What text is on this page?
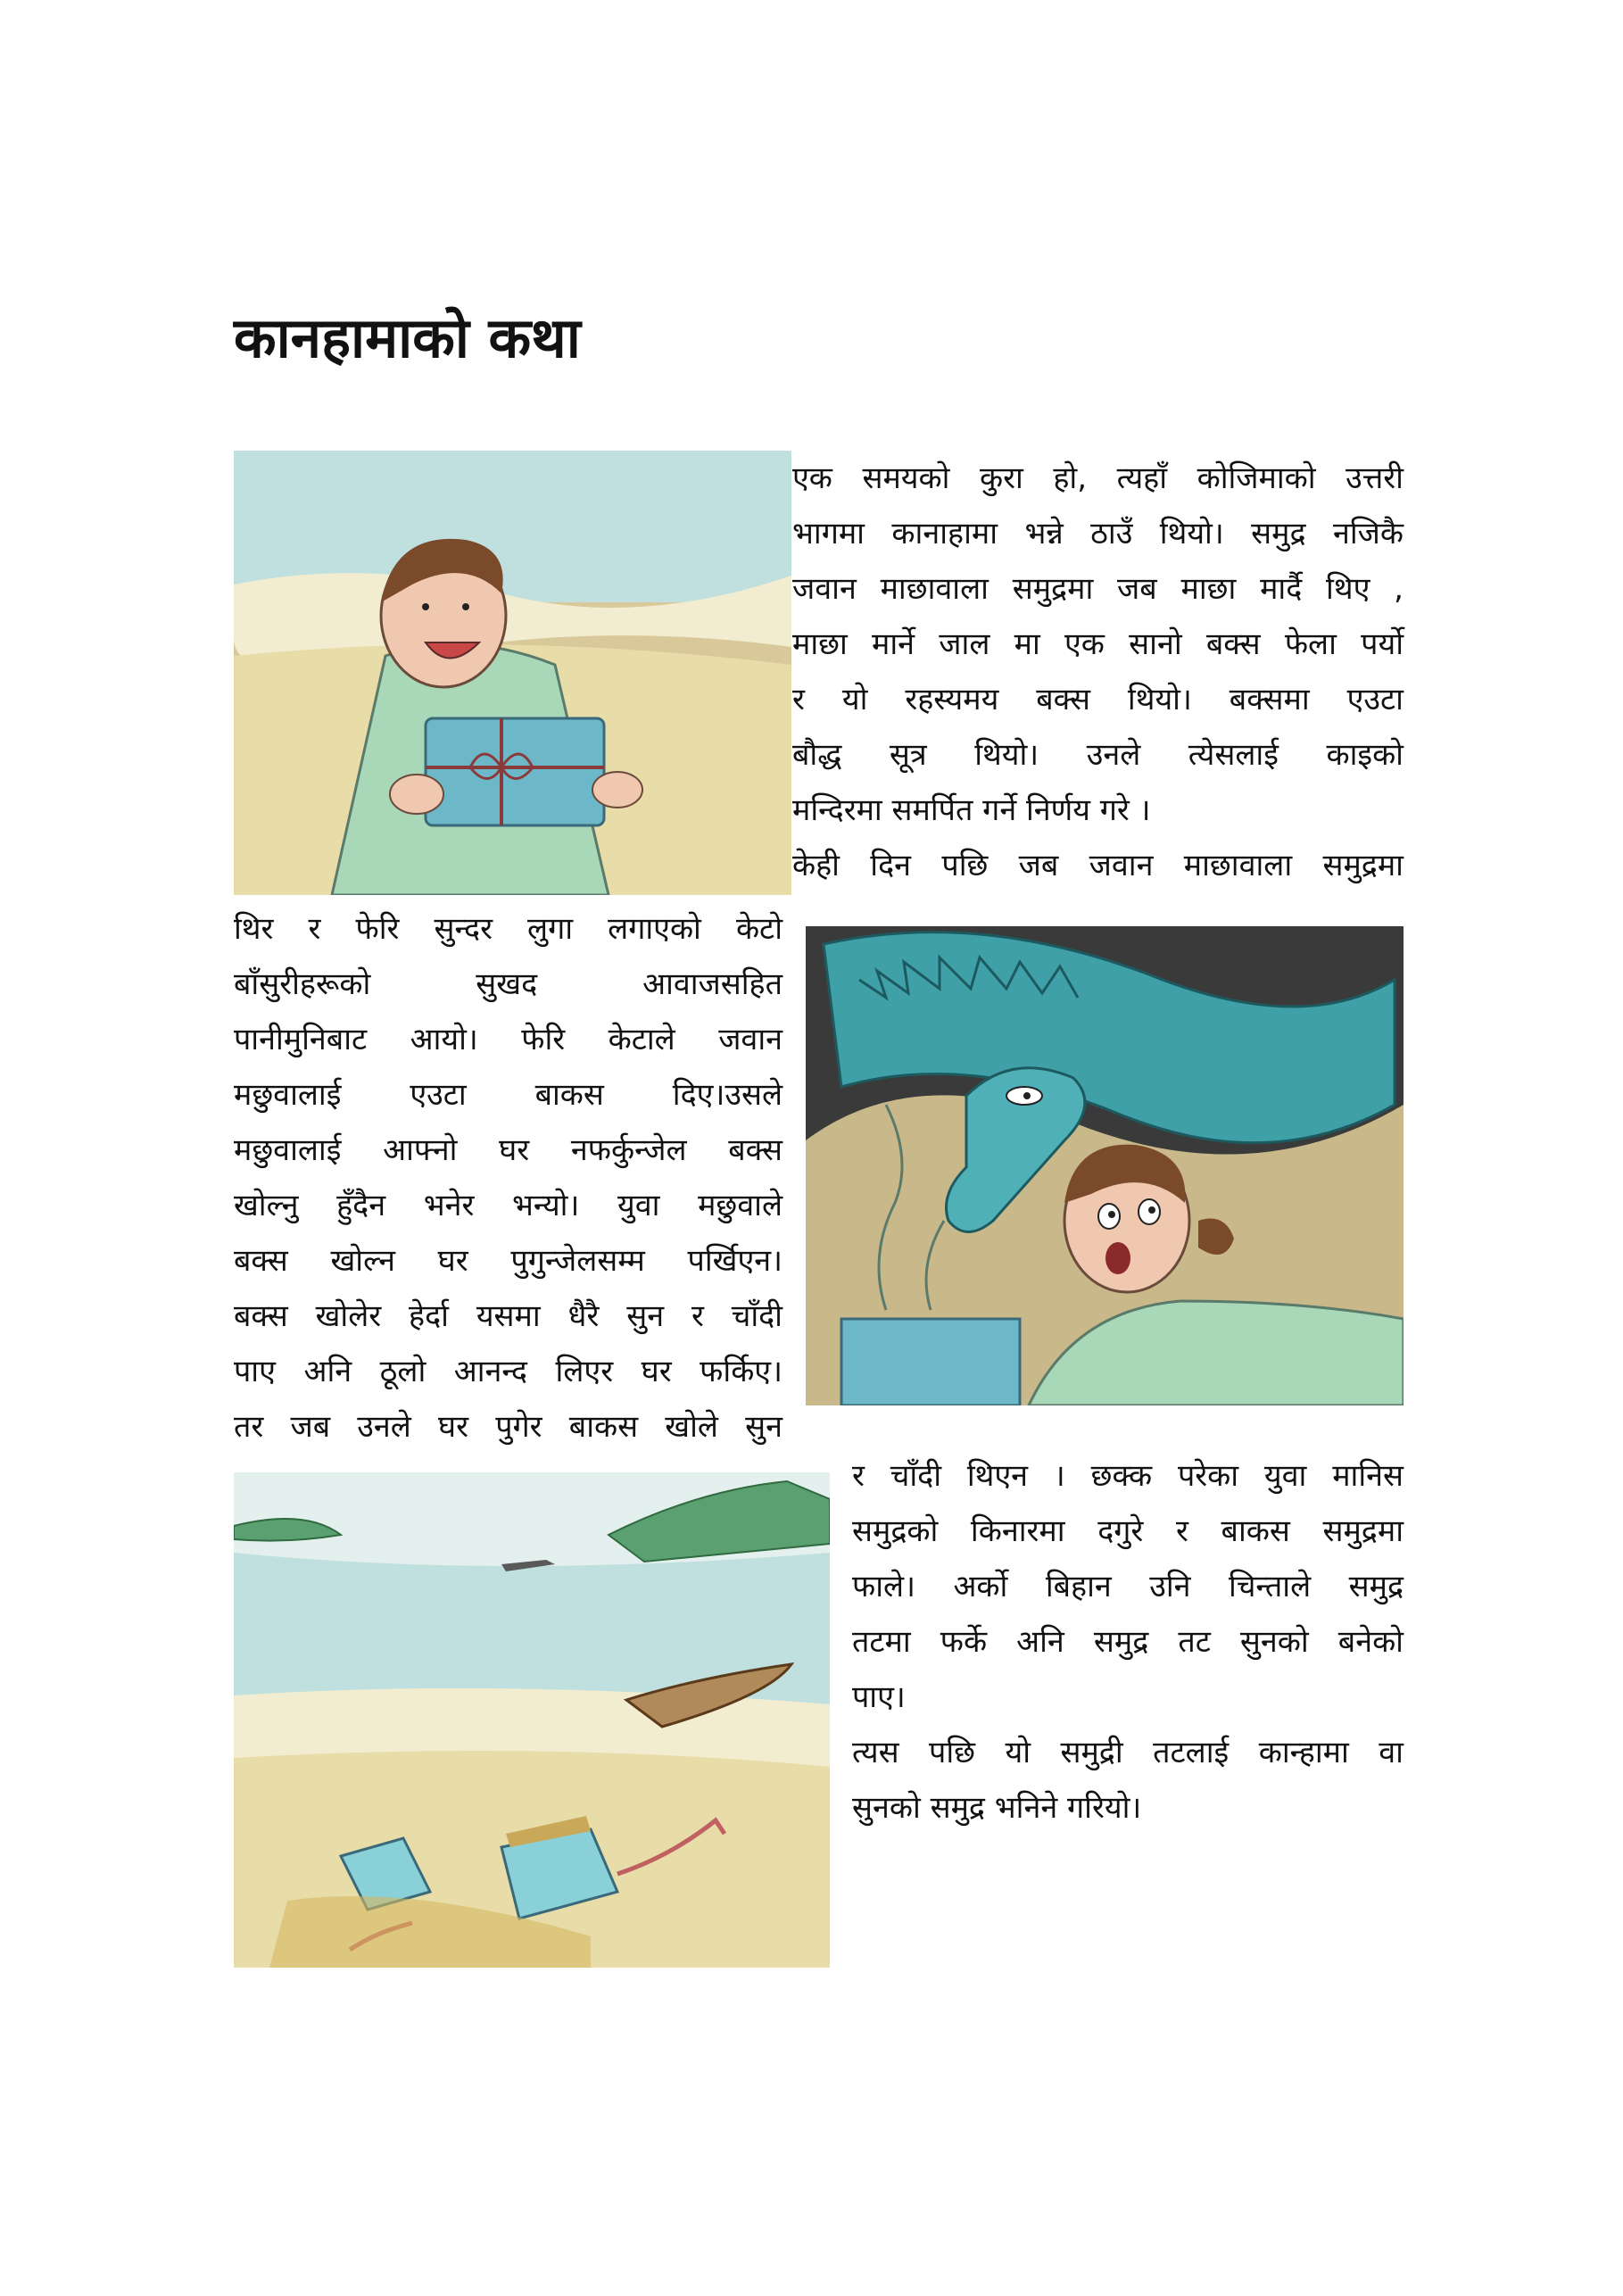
कानहामाको कथा
एक समयको कुरा हो, त्यहाँ कोजिमाको उत्तरी
भागमा कानाहामा भन्ने ठाउँ थियो। समुद्र नजिकै
जवान माछावाला समुद्रमा जब माछा मार्दै थिए ,
माछा मार्ने जाल मा एक सानो बक्स फेला पर्यो
र यो रहस्यमय बक्स थियो। बक्समा एउटा
बौद्ध सूत्र थियो। उनले त्येसलाई काइको
मन्दिरमा समर्पित गर्ने निर्णय गरे ।
केही दिन पछि जब जवान माछावाला समुद्रमा
थिर र फेरि सुन्दर लुगा लगाएको केटो
बाँसुरीहरूको सुखद आवाजसहित
पानीमुनिबाट आयो। फेरि केटाले जवान
मछुवालाई एउटा बाकस दिए।उसले
मछुवालाई आफ्नो घर नफर्कुन्जेल बक्स
खोल्नु हुँदैन भनेर भन्यो। युवा मछुवाले
बक्स खोल्न घर पुगुन्जेलसम्म पर्खिएन।
बक्स खोलेर हेर्दा यसमा धैरै सुन र चाँदी
पाए अनि ठूलो आनन्द लिएर घर फर्किए।
तर जब उनले घर पुगेर बाकस खोले सुन
र चाँदी थिएन । छक्क परेका युवा मानिस
समुद्रको किनारमा दगुरे र बाकस समुद्रमा
फाले। अर्को बिहान उनि चिन्ताले समुद्र
तटमा फर्के अनि समुद्र तट सुनको बनेको
पाए।
त्यस पछि यो समुद्री तटलाई कान्हामा वा
सुनको समुद्र भनिने गरियो।
